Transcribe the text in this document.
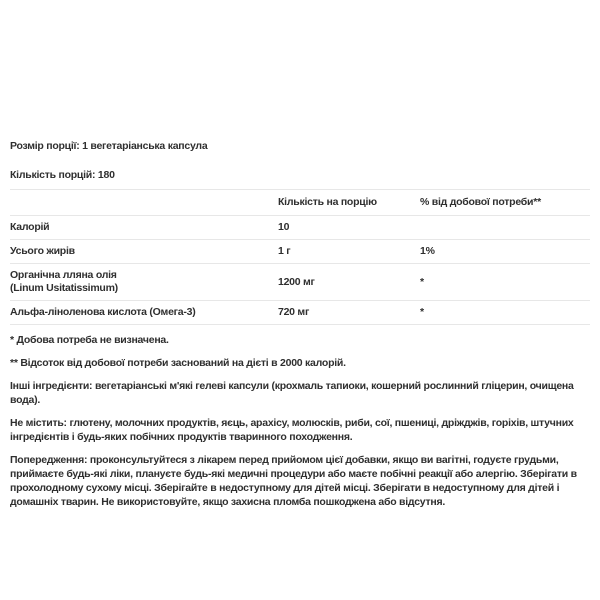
Розмір порції: 1 вегетаріанська капсула

Кількість порцій: 180

	Кількість на порцію	% від добової потреби**
Калорій	10	
Усього жирів	1 г	1%
Органічна лляна олія
(Linum Usitatissimum)	1200 мг	*
Альфа-ліноленова кислота (Омега-3)	720 мг	*

* Добова потреба не визначена.

** Відсоток від добової потреби заснований на дієті в 2000 калорій.

Інші інгредієнти: вегетаріанські м'які гелеві капсули (крохмаль тапиоки, кошерний рослинний гліцерин, очищена вода).

Не містить: глютену, молочних продуктів, яєць, арахісу, молюсків, риби, сої, пшениці, дріжджів, горіхів, штучних інгредієнтів і будь-яких побічних продуктів тваринного походження.

Попередження: проконсультуйтеся з лікарем перед прийомом цієї добавки, якщо ви вагітні, годуєте грудьми, приймаєте будь-які ліки, плануєте будь-які медичні процедури або маєте побічні реакції або алергію. Зберігати в прохолодному сухому місці. Зберігайте в недоступному для дітей місці. Зберігати в недоступному для дітей і домашніх тварин. Не використовуйте, якщо захисна пломба пошкоджена або відсутня.
